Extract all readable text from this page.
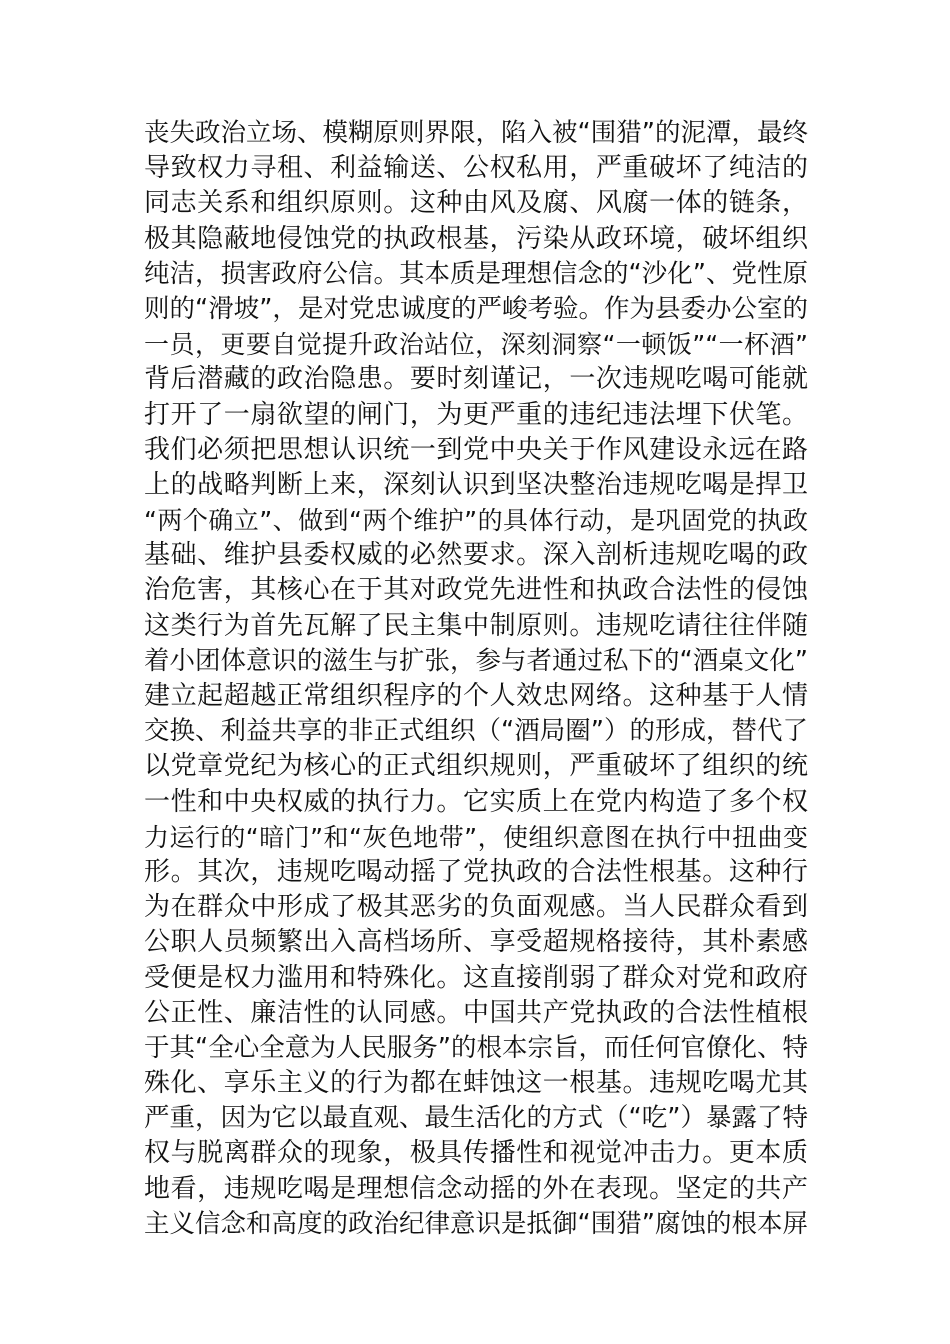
丧失政治立场、模糊原则界限，陷入被“围猎”的泥潭，最终
导致权力寻租、利益输送、公权私用，严重破坏了纯洁的
同志关系和组织原则。这种由风及腐、风腐一体的链条，
极其隐蔽地侵蚀党的执政根基，污染从政环境，破坏组织
纯洁，损害政府公信。其本质是理想信念的“沙化”、党性原
则的“滑坡”，是对党忠诚度的严峻考验。作为县委办公室的
一员，更要自觉提升政治站位，深刻洞察“一顿饭”“一杯酒”
背后潜藏的政治隐患。要时刻谨记，一次违规吃喝可能就
打开了一扇欲望的闸门，为更严重的违纪违法埋下伏笔。
我们必须把思想认识统一到党中央关于作风建设永远在路
上的战略判断上来，深刻认识到坚决整治违规吃喝是捍卫
“两个确立”、做到“两个维护”的具体行动，是巩固党的执政
基础、维护县委权威的必然要求。深入剖析违规吃喝的政
治危害，其核心在于其对政党先进性和执政合法性的侵蚀
这类行为首先瓦解了民主集中制原则。违规吃请往往伴随
着小团体意识的滋生与扩张，参与者通过私下的“酒桌文化”
建立起超越正常组织程序的个人效忠网络。这种基于人情
交换、利益共享的非正式组织（“酒局圈”）的形成，替代了
以党章党纪为核心的正式组织规则，严重破坏了组织的统
一性和中央权威的执行力。它实质上在党内构造了多个权
力运行的“暗门”和“灰色地带”，使组织意图在执行中扭曲变
形。其次，违规吃喝动摇了党执政的合法性根基。这种行
为在群众中形成了极其恶劣的负面观感。当人民群众看到
公职人员频繁出入高档场所、享受超规格接待，其朴素感
受便是权力滥用和特殊化。这直接削弱了群众对党和政府
公正性、廉洁性的认同感。中国共产党执政的合法性植根
于其“全心全意为人民服务”的根本宗旨，而任何官僚化、特
殊化、享乐主义的行为都在蚌蚀这一根基。违规吃喝尤其
严重，因为它以最直观、最生活化的方式（“吃”）暴露了特
权与脱离群众的现象，极具传播性和视觉冲击力。更本质
地看，违规吃喝是理想信念动摇的外在表现。坚定的共产
主义信念和高度的政治纪律意识是抵御“围猎”腐蚀的根本屏
